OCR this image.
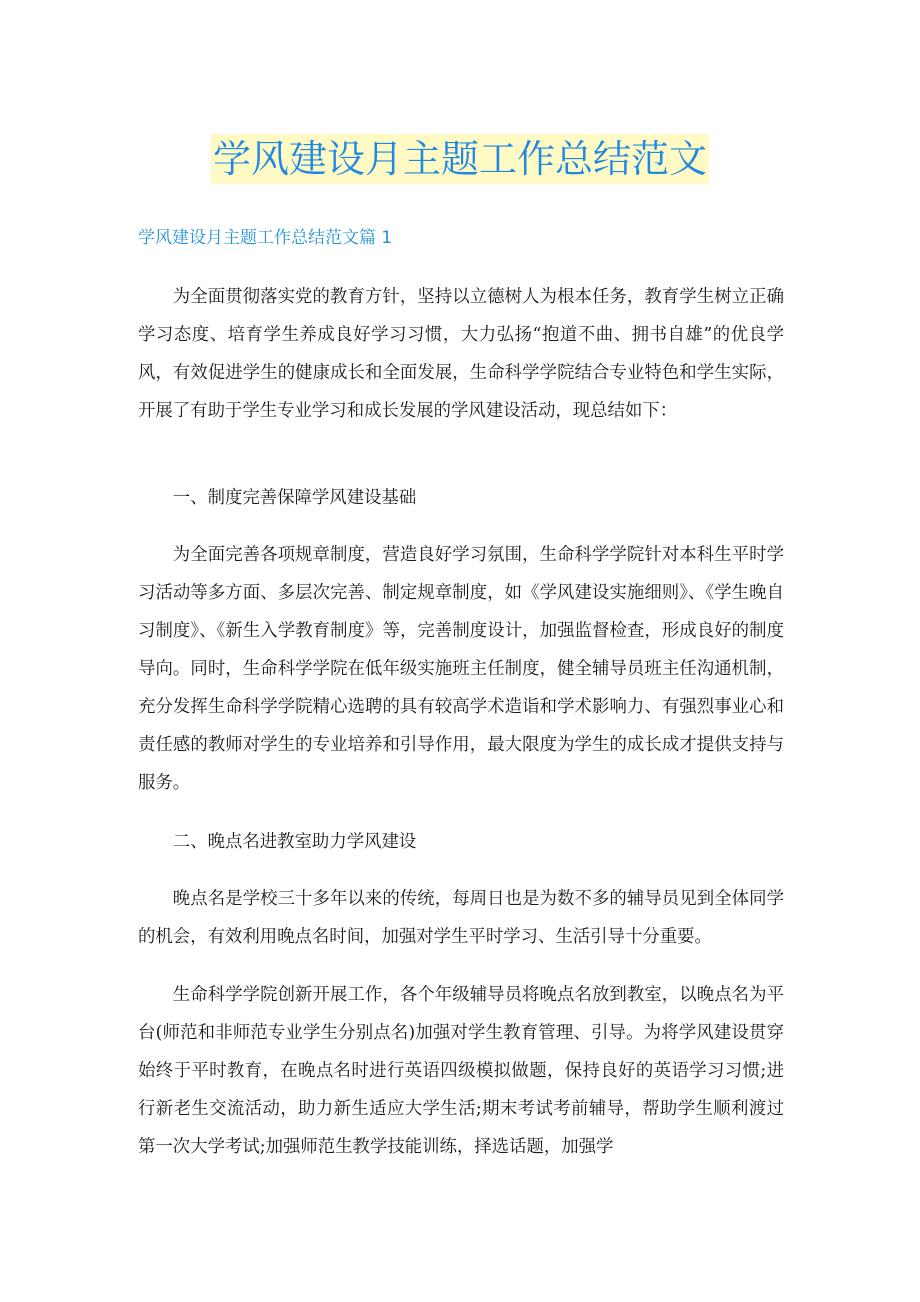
学风建设月主题工作总结范文
学风建设月主题工作总结范文篇 1

为全面贯彻落实党的教育方针，坚持以立德树人为根本任务，教育学生树立正确学习态度、培育学生养成良好学习习惯，大力弘扬“抱道不曲、拥书自雄”的优良学风，有效促进学生的健康成长和全面发展，生命科学学院结合专业特色和学生实际，开展了有助于学生专业学习和成长发展的学风建设活动，现总结如下：

一、制度完善保障学风建设基础

为全面完善各项规章制度，营造良好学习氛围，生命科学学院针对本科生平时学习活动等多方面、多层次完善、制定规章制度，如《学风建设实施细则》、《学生晚自习制度》、《新生入学教育制度》等，完善制度设计，加强监督检查，形成良好的制度导向。同时，生命科学学院在低年级实施班主任制度，健全辅导员班主任沟通机制，充分发挥生命科学学院精心选聘的具有较高学术造诣和学术影响力、有强烈事业心和责任感的教师对学生的专业培养和引导作用，最大限度为学生的成长成才提供支持与服务。

二、晚点名进教室助力学风建设

晚点名是学校三十多年以来的传统，每周日也是为数不多的辅导员见到全体同学的机会，有效利用晚点名时间，加强对学生平时学习、生活引导十分重要。

生命科学学院创新开展工作，各个年级辅导员将晚点名放到教室，以晚点名为平台(师范和非师范专业学生分别点名)加强对学生教育管理、引导。为将学风建设贯穿始终于平时教育，在晚点名时进行英语四级模拟做题，保持良好的英语学习习惯;进行新老生交流活动，助力新生适应大学生活;期末考试考前辅导，帮助学生顺利渡过第一次大学考试;加强师范生教学技能训练，择选话题，加强学
